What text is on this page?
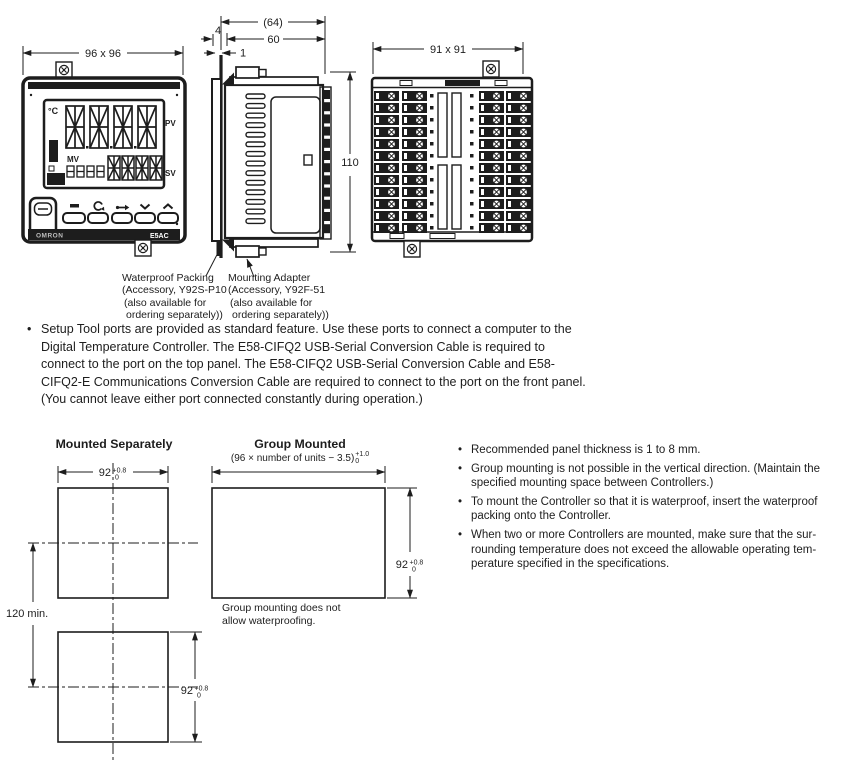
96 x 96
°C
PV
MV
SV
OMRON	E5AC
(64)
4
60
1
110
91 x 91
Waterproof Packing
(Accessory, Y92S-P10
(also available for
ordering separately))
Mounting Adapter
(Accessory, Y92F-51
(also available for
ordering separately))
• Setup Tool ports are provided as standard feature. Use these ports to connect a computer to the
Digital Temperature Controller. The E58-CIFQ2 USB-Serial Conversion Cable is required to
connect to the port on the top panel. The E58-CIFQ2 USB-Serial Conversion Cable and E58-
CIFQ2-E Communications Conversion Cable are required to connect to the port on the front panel.
(You cannot leave either port connected constantly during operation.)
Mounted Separately	Group Mounted
(96 × number of units − 3.5) +1.0
0
92 +0.8
0
120 min.
92 +0.8
0
92 +0.8
0
Group mounting does not
allow waterproofing.
• Recommended panel thickness is 1 to 8 mm.
• Group mounting is not possible in the vertical direction. (Maintain the
specified mounting space between Controllers.)
• To mount the Controller so that it is waterproof, insert the waterproof
packing onto the Controller.
• When two or more Controllers are mounted, make sure that the sur-
rounding temperature does not exceed the allowable operating tem-
perature specified in the specifications.
